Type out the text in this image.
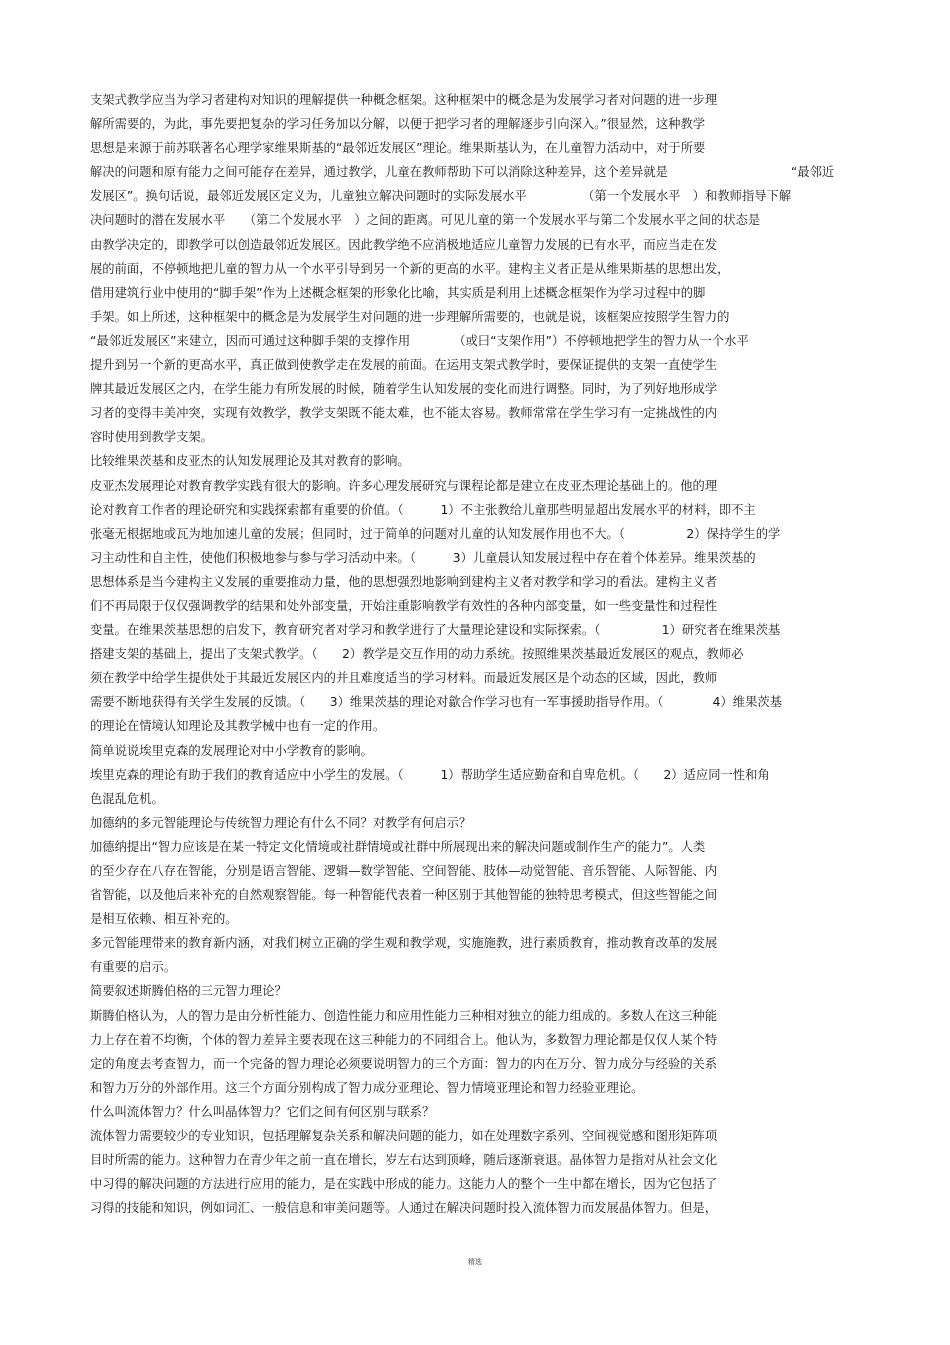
支架式教学应当为学习者建构对知识的理解提供一种概念框架。这种框架中的概念是为发展学习者对问题的进一步理
解所需要的，为此，事先要把复杂的学习任务加以分解，以便于把学习者的理解逐步引向深入。”很显然，这种教学
思想是来源于前苏联著名心理学家维果斯基的“最邻近发展区”理论。维果斯基认为，在儿童智力活动中，对于所要
解决的问题和原有能力之间可能存在差异，通过教学，儿童在教师帮助下可以消除这种差异，这个差异就是　　　　　　　　　　“最邻近
发展区”。换句话说，最邻近发展区定义为，儿童独立解决问题时的实际发展水平　　　　　（第一个发展水平　）和教师指导下解
决问题时的潜在发展水平　　（第二个发展水平　）之间的距离。可见儿童的第一个发展水平与第二个发展水平之间的状态是
由教学决定的，即教学可以创造最邻近发展区。因此教学绝不应消极地适应儿童智力发展的已有水平，而应当走在发
展的前面，不停顿地把儿童的智力从一个水平引导到另一个新的更高的水平。建构主义者正是从维果斯基的思想出发，
借用建筑行业中使用的“脚手架”作为上述概念框架的形象化比喻，其实质是利用上述概念框架作为学习过程中的脚
手架。如上所述，这种框架中的概念是为发展学生对问题的进一步理解所需要的，也就是说，该框架应按照学生智力的
“最邻近发展区”来建立，因而可通过这种脚手架的支撑作用　　　　（或曰“支架作用”）不停顿地把学生的智力从一个水平
提升到另一个新的更高水平，真正做到使教学走在发展的前面。在运用支架式教学时，要保证提供的支架一直使学生
牌其最近发展区之内，在学生能力有所发展的时候，随着学生认知发展的变化而进行调整。同时，为了列好地形成学
习者的变得丰美冲突，实现有效教学，教学支架既不能太难，也不能太容易。教师常常在学生学习有一定挑战性的内
容时使用到教学支架。
比较维果茨基和皮亚杰的认知发展理论及其对教育的影响。
皮亚杰发展理论对教育教学实践有很大的影响。许多心理发展研究与课程论都是建立在皮亚杰理论基础上的。他的理
论对教育工作者的理论研究和实践探索都有重要的价值。（　　　1）不主张教给儿童那些明显超出发展水平的材料，即不主
张毫无根据地或瓦为地加速儿童的发展；但同时，过于简单的问题对儿童的认知发展作用也不大。（　　　　　2）保持学生的学
习主动性和自主性，使他们积极地参与参与学习活动中来。（　　　3）儿童晨认知发展过程中存在着个体差异。维果茨基的
思想体系是当今建构主义发展的重要推动力量，他的思想强烈地影响到建构主义者对教学和学习的看法。建构主义者
们不再局限于仅仅强调教学的结果和处外部变量，开始注重影响教学有效性的各种内部变量，如一些变量性和过程性
变量。在维果茨基思想的启发下，教育研究者对学习和教学进行了大量理论建设和实际探索。（　　　　　1）研究者在维果茨基
搭建支架的基础上，提出了支架式教学。（　　2）教学是交互作用的动力系统。按照维果茨基最近发展区的观点，教师必
须在教学中给学生提供处于其最近发展区内的并且难度适当的学习材料。而最近发展区是个动态的区域，因此，教师
需要不断地获得有关学生发展的反馈。（　　3）维果茨基的理论对歙合作学习也有一军事援助指导作用。（　　　　4）维果茨基
的理论在情境认知理论及其教学械中也有一定的作用。
简单说说埃里克森的发展理论对中小学教育的影响。
埃里克森的理论有助于我们的教育适应中小学生的发展。（　　　1）帮助学生适应勤奋和自卑危机。（　　2）适应同一性和角
色混乱危机。
加德纳的多元智能理论与传统智力理论有什么不同？对教学有何启示？
加德纳提出“智力应该是在某一特定文化情境或社群情境或社群中所展现出来的解决问题或制作生产的能力”。人类
的至少存在八存在智能，分别是语言智能、逻辑—数学智能、空间智能、肢体—动觉智能、音乐智能、人际智能、内
省智能，以及他后来补充的自然观察智能。每一种智能代表着一种区别于其他智能的独特思考模式，但这些智能之间
是相互依赖、相互补充的。
多元智能理带来的教育新内涵，对我们树立正确的学生观和教学观，实施施教，进行素质教育，推动教育改革的发展
有重要的启示。
简要叙述斯腾伯格的三元智力理论？
斯腾伯格认为，人的智力是由分析性能力、创造性能力和应用性能力三种相对独立的能力组成的。多数人在这三种能
力上存在着不均衡，个体的智力差异主要表现在这三种能力的不同组合上。他认为，多数智力理论都是仅仅人某个特
定的角度去考查智力，而一个完备的智力理论必须要说明智力的三个方面：智力的内在万分、智力成分与经验的关系
和智力万分的外部作用。这三个方面分别构成了智力成分亚理论、智力情境亚理论和智力经验亚理论。
什么叫流体智力？什么叫晶体智力？它们之间有何区别与联系？
流体智力需要较少的专业知识，包括理解复杂关系和解决问题的能力，如在处理数字系列、空间视觉感和图形矩阵项
目时所需的能力。这种智力在青少年之前一直在增长，岁左右达到顶峰，随后逐渐衰退。晶体智力是指对从社会文化
中习得的解决问题的方法进行应用的能力，是在实践中形成的能力。这能力人的整个一生中都在增长，因为它包括了
习得的技能和知识，例如词汇、一般信息和审美问题等。人通过在解决问题时投入流体智力而发展晶体智力。但是，
精选
